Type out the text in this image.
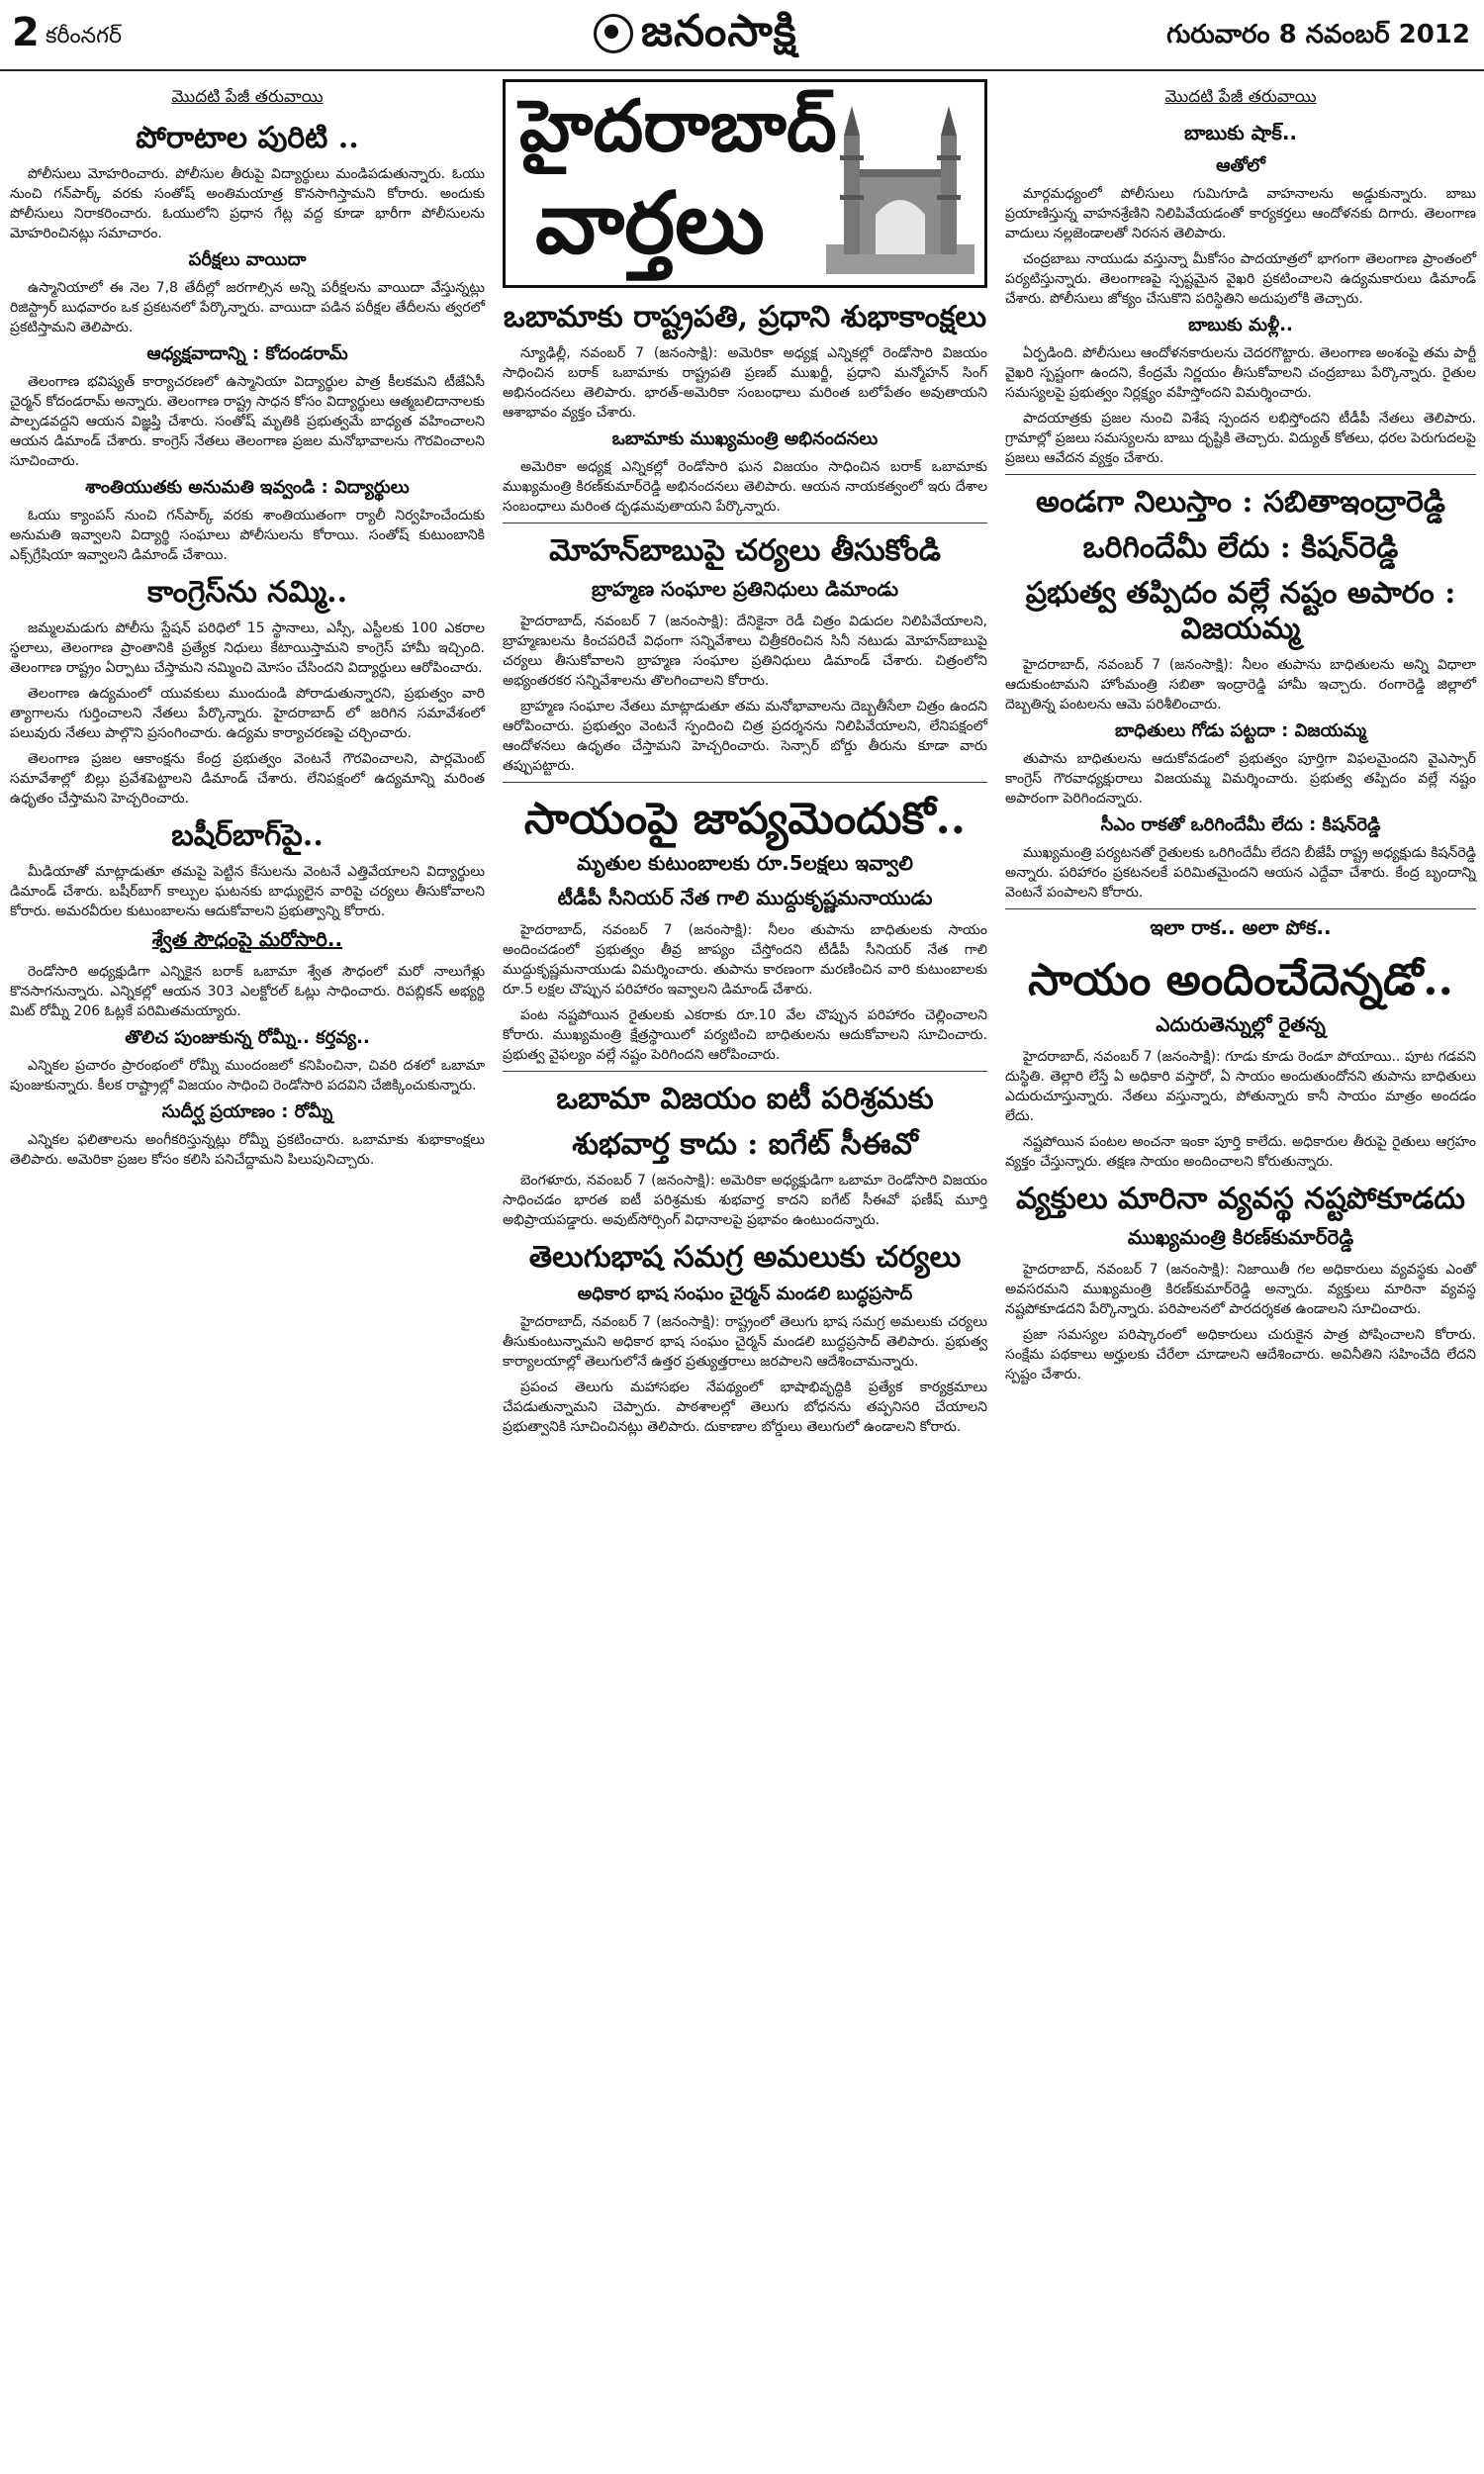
2 కరీంనగర్	జనంసాక్షి	గురువారం 8 నవంబర్ 2012
మొదటి పేజీ తరువాయి
పోరాటాల పురిటి ..

పోలీసులు మోహరించారు. పోలీసుల తీరుపై విద్యార్థులు మండిపడుతున్నారు. ఓయు నుంచి గన్‌పార్క్ వరకు సంతోష్ అంతిమయాత్ర కొనసాగిస్తామని కోరారు. అందుకు పోలీసులు నిరాకరించారు. ఓయులోని ప్రధాన గేట్ల వద్ద కూడా భారీగా పోలీసులను మోహరించినట్లు సమాచారం.

పరీక్షలు వాయిదా

ఉస్మానియాలో ఈ నెల 7,8 తేదీల్లో జరగాల్సిన అన్ని పరీక్షలను వాయిదా వేస్తున్నట్లు రిజిస్ట్రార్ బుధవారం ఒక ప్రకటనలో పేర్కొన్నారు. వాయిదా పడిన పరీక్షల తేదీలను త్వరలో ప్రకటిస్తామని తెలిపారు.

ఆధ్యక్షవాదాన్ని : కోదండరామ్

తెలంగాణ భవిష్యత్ కార్యాచరణలో ఉస్మానియా విద్యార్థుల పాత్ర కీలకమని టీజేఏసీ చైర్మన్ కోదండరామ్ అన్నారు. తెలంగాణ రాష్ట్ర సాధన కోసం విద్యార్థులు ఆత్మబలిదానాలకు పాల్పడవద్దని ఆయన విజ్ఞప్తి చేశారు. సంతోష్ మృతికి ప్రభుత్వమే బాధ్యత వహించాలని ఆయన డిమాండ్ చేశారు. కాంగ్రెస్ నేతలు తెలంగాణ ప్రజల మనోభావాలను గౌరవించాలని సూచించారు.

శాంతియుతకు అనుమతి ఇవ్వండి : విద్యార్థులు

ఓయు క్యాంపస్ నుంచి గన్‌పార్క్ వరకు శాంతియుతంగా ర్యాలీ నిర్వహించేందుకు అనుమతి ఇవ్వాలని విద్యార్థి సంఘాలు పోలీసులను కోరాయి. సంతోష్ కుటుంబానికి ఎక్స్‌గ్రేషియా ఇవ్వాలని డిమాండ్ చేశాయి.

కాంగ్రెస్‌ను నమ్మి..

జమ్మలమడుగు పోలీసు స్టేషన్ పరిధిలో 15 స్థానాలు, ఎస్సీ, ఎస్టీలకు 100 ఎకరాల స్థలాలు, తెలంగాణ ప్రాంతానికి ప్రత్యేక నిధులు కేటాయిస్తామని కాంగ్రెస్ హామీ ఇచ్చింది. తెలంగాణ రాష్ట్రం ఏర్పాటు చేస్తామని నమ్మించి మోసం చేసిందని విద్యార్థులు ఆరోపించారు.

తెలంగాణ ఉద్యమంలో యువకులు ముందుండి పోరాడుతున్నారని, ప్రభుత్వం వారి త్యాగాలను గుర్తించాలని నేతలు పేర్కొన్నారు. హైదరాబాద్ లో జరిగిన సమావేశంలో పలువురు నేతలు పాల్గొని ప్రసంగించారు. ఉద్యమ కార్యాచరణపై చర్చించారు.

తెలంగాణ ప్రజల ఆకాంక్షను కేంద్ర ప్రభుత్వం వెంటనే గౌరవించాలని, పార్లమెంట్ సమావేశాల్లో బిల్లు ప్రవేశపెట్టాలని డిమాండ్ చేశారు. లేనిపక్షంలో ఉద్యమాన్ని మరింత ఉధృతం చేస్తామని హెచ్చరించారు.

బషీర్‌బాగ్‌పై..

మీడియాతో మాట్లాడుతూ తమపై పెట్టిన కేసులను వెంటనే ఎత్తివేయాలని విద్యార్థులు డిమాండ్ చేశారు. బషీర్‌బాగ్ కాల్పుల ఘటనకు బాధ్యులైన వారిపై చర్యలు తీసుకోవాలని కోరారు. అమరవీరుల కుటుంబాలను ఆదుకోవాలని ప్రభుత్వాన్ని కోరారు.

శ్వేత సౌధంపై మరోసారి..

రెండోసారి అధ్యక్షుడిగా ఎన్నికైన బరాక్ ఒబామా శ్వేత సౌధంలో మరో నాలుగేళ్లు కొనసాగనున్నారు. ఎన్నికల్లో ఆయన 303 ఎలక్టోరల్ ఓట్లు సాధించారు. రిపబ్లికన్ అభ్యర్థి మిట్ రోమ్నీ 206 ఓట్లకే పరిమితమయ్యారు.

తొలిచ పుంజుకున్న రోమ్నీ.. కర్తవ్య..

ఎన్నికల ప్రచారం ప్రారంభంలో రోమ్నీ ముందంజలో కనిపించినా, చివరి దశలో ఒబామా పుంజుకున్నారు. కీలక రాష్ట్రాల్లో విజయం సాధించి రెండోసారి పదవిని చేజిక్కించుకున్నారు.

సుదీర్ఘ ప్రయాణం : రోమ్నీ

ఎన్నికల ఫలితాలను అంగీకరిస్తున్నట్లు రోమ్నీ ప్రకటించారు. ఒబామాకు శుభాకాంక్షలు తెలిపారు. అమెరికా ప్రజల కోసం కలిసి పనిచేద్దామని పిలుపునిచ్చారు.

హైదరాబాద్
వార్తలు
ఒబామాకు రాష్ట్రపతి, ప్రధాని శుభాకాంక్షలు

న్యూఢిల్లీ, నవంబర్ 7 (జనంసాక్షి): అమెరికా అధ్యక్ష ఎన్నికల్లో రెండోసారి విజయం సాధించిన బరాక్ ఒబామాకు రాష్ట్రపతి ప్రణబ్ ముఖర్జీ, ప్రధాని మన్మోహన్ సింగ్ అభినందనలు తెలిపారు. భారత్-అమెరికా సంబంధాలు మరింత బలోపేతం అవుతాయని ఆశాభావం వ్యక్తం చేశారు.

ఒబామాకు ముఖ్యమంత్రి అభినందనలు

అమెరికా అధ్యక్ష ఎన్నికల్లో రెండోసారి ఘన విజయం సాధించిన బరాక్ ఒబామాకు ముఖ్యమంత్రి కిరణ్‌కుమార్‌రెడ్డి అభినందనలు తెలిపారు. ఆయన నాయకత్వంలో ఇరు దేశాల సంబంధాలు మరింత దృఢమవుతాయని పేర్కొన్నారు.

మోహన్‌బాబుపై చర్యలు తీసుకోండి
బ్రాహ్మణ సంఘాల ప్రతినిధులు డిమాండు

హైదరాబాద్, నవంబర్ 7 (జనంసాక్షి): దేనికైనా రెడీ చిత్రం విడుదల నిలిపివేయాలని, బ్రాహ్మణులను కించపరిచే విధంగా సన్నివేశాలు చిత్రీకరించిన సినీ నటుడు మోహన్‌బాబుపై చర్యలు తీసుకోవాలని బ్రాహ్మణ సంఘాల ప్రతినిధులు డిమాండ్ చేశారు. చిత్రంలోని అభ్యంతరకర సన్నివేశాలను తొలగించాలని కోరారు.

బ్రాహ్మణ సంఘాల నేతలు మాట్లాడుతూ తమ మనోభావాలను దెబ్బతీసేలా చిత్రం ఉందని ఆరోపించారు. ప్రభుత్వం వెంటనే స్పందించి చిత్ర ప్రదర్శనను నిలిపివేయాలని, లేనిపక్షంలో ఆందోళనలు ఉధృతం చేస్తామని హెచ్చరించారు. సెన్సార్ బోర్డు తీరును కూడా వారు తప్పుపట్టారు.

సాయంపై జాప్యమెందుకో..
మృతుల కుటుంబాలకు రూ.5లక్షలు ఇవ్వాలి
టీడీపీ సీనియర్ నేత గాలి ముద్దుకృష్ణమనాయుడు

హైదరాబాద్, నవంబర్ 7 (జనంసాక్షి): నీలం తుపాను బాధితులకు సాయం అందించడంలో ప్రభుత్వం తీవ్ర జాప్యం చేస్తోందని టీడీపీ సీనియర్ నేత గాలి ముద్దుకృష్ణమనాయుడు విమర్శించారు. తుపాను కారణంగా మరణించిన వారి కుటుంబాలకు రూ.5 లక్షల చొప్పున పరిహారం ఇవ్వాలని డిమాండ్ చేశారు.

పంట నష్టపోయిన రైతులకు ఎకరాకు రూ.10 వేల చొప్పున పరిహారం చెల్లించాలని కోరారు. ముఖ్యమంత్రి క్షేత్రస్థాయిలో పర్యటించి బాధితులను ఆదుకోవాలని సూచించారు. ప్రభుత్వ వైఫల్యం వల్లే నష్టం పెరిగిందని ఆరోపించారు.

ఒబామా విజయం ఐటీ పరిశ్రమకు
శుభవార్త కాదు : ఐగేట్ సీఈవో

బెంగళూరు, నవంబర్ 7 (జనంసాక్షి): అమెరికా అధ్యక్షుడిగా ఒబామా రెండోసారి విజయం సాధించడం భారత ఐటీ పరిశ్రమకు శుభవార్త కాదని ఐగేట్ సీఈవో ఫణీష్ మూర్తి అభిప్రాయపడ్డారు. అవుట్‌సోర్సింగ్ విధానాలపై ప్రభావం ఉంటుందన్నారు.

తెలుగుభాష సమగ్ర అమలుకు చర్యలు
అధికార భాష సంఘం చైర్మన్ మండలి బుద్ధప్రసాద్

హైదరాబాద్, నవంబర్ 7 (జనంసాక్షి): రాష్ట్రంలో తెలుగు భాష సమగ్ర అమలుకు చర్యలు తీసుకుంటున్నామని అధికార భాష సంఘం చైర్మన్ మండలి బుద్ధప్రసాద్ తెలిపారు. ప్రభుత్వ కార్యాలయాల్లో తెలుగులోనే ఉత్తర ప్రత్యుత్తరాలు జరపాలని ఆదేశించామన్నారు.

ప్రపంచ తెలుగు మహాసభల నేపథ్యంలో భాషాభివృద్ధికి ప్రత్యేక కార్యక్రమాలు చేపడుతున్నామని చెప్పారు. పాఠశాలల్లో తెలుగు బోధనను తప్పనిసరి చేయాలని ప్రభుత్వానికి సూచించినట్లు తెలిపారు. దుకాణాల బోర్డులు తెలుగులో ఉండాలని కోరారు.

మొదటి పేజీ తరువాయి
బాబుకు షాక్..
ఆతోలో

మార్గమధ్యంలో పోలీసులు గుమిగూడి వాహనాలను అడ్డుకున్నారు. బాబు ప్రయాణిస్తున్న వాహనశ్రేణిని నిలిపివేయడంతో కార్యకర్తలు ఆందోళనకు దిగారు. తెలంగాణ వాదులు నల్లజెండాలతో నిరసన తెలిపారు.

చంద్రబాబు నాయుడు వస్తున్నా మీకోసం పాదయాత్రలో భాగంగా తెలంగాణ ప్రాంతంలో పర్యటిస్తున్నారు. తెలంగాణపై స్పష్టమైన వైఖరి ప్రకటించాలని ఉద్యమకారులు డిమాండ్ చేశారు. పోలీసులు జోక్యం చేసుకొని పరిస్థితిని అదుపులోకి తెచ్చారు.

బాబుకు మళ్లీ..

ఏర్పడింది. పోలీసులు ఆందోళనకారులను చెదరగొట్టారు. తెలంగాణ అంశంపై తమ పార్టీ వైఖరి స్పష్టంగా ఉందని, కేంద్రమే నిర్ణయం తీసుకోవాలని చంద్రబాబు పేర్కొన్నారు. రైతుల సమస్యలపై ప్రభుత్వం నిర్లక్ష్యం వహిస్తోందని విమర్శించారు.

పాదయాత్రకు ప్రజల నుంచి విశేష స్పందన లభిస్తోందని టీడీపీ నేతలు తెలిపారు. గ్రామాల్లో ప్రజలు సమస్యలను బాబు దృష్టికి తెచ్చారు. విద్యుత్ కోతలు, ధరల పెరుగుదలపై ప్రజలు ఆవేదన వ్యక్తం చేశారు.

అండగా నిలుస్తాం : సబితాఇంద్రారెడ్డి
ఒరిగిందేమీ లేదు : కిషన్‌రెడ్డి
ప్రభుత్వ తప్పిదం వల్లే నష్టం అపారం : విజయమ్మ

హైదరాబాద్, నవంబర్ 7 (జనంసాక్షి): నీలం తుపాను బాధితులను అన్ని విధాలా ఆదుకుంటామని హోంమంత్రి సబితా ఇంద్రారెడ్డి హామీ ఇచ్చారు. రంగారెడ్డి జిల్లాలో దెబ్బతిన్న పంటలను ఆమె పరిశీలించారు.

బాధితులు గోడు పట్టదా : విజయమ్మ

తుపాను బాధితులను ఆదుకోవడంలో ప్రభుత్వం పూర్తిగా విఫలమైందని వైఎస్సార్ కాంగ్రెస్ గౌరవాధ్యక్షురాలు విజయమ్మ విమర్శించారు. ప్రభుత్వ తప్పిదం వల్లే నష్టం అపారంగా పెరిగిందన్నారు.

సీఎం రాకతో ఒరిగిందేమీ లేదు : కిషన్‌రెడ్డి

ముఖ్యమంత్రి పర్యటనతో రైతులకు ఒరిగిందేమీ లేదని బీజేపీ రాష్ట్ర అధ్యక్షుడు కిషన్‌రెడ్డి అన్నారు. పరిహారం ప్రకటనలకే పరిమితమైందని ఆయన ఎద్దేవా చేశారు. కేంద్ర బృందాన్ని వెంటనే పంపాలని కోరారు.

ఇలా రాక.. అలా పోక..
సాయం అందించేదెన్నడో..
ఎదురుతెన్నుల్లో రైతన్న

హైదరాబాద్, నవంబర్ 7 (జనంసాక్షి): గూడు కూడు రెండూ పోయాయి.. పూట గడవని దుస్థితి. తెల్లారి లేస్తే ఏ అధికారి వస్తారో, ఏ సాయం అందుతుందోనని తుపాను బాధితులు ఎదురుచూస్తున్నారు. నేతలు వస్తున్నారు, పోతున్నారు కానీ సాయం మాత్రం అందడం లేదు.

నష్టపోయిన పంటల అంచనా ఇంకా పూర్తి కాలేదు. అధికారుల తీరుపై రైతులు ఆగ్రహం వ్యక్తం చేస్తున్నారు. తక్షణ సాయం అందించాలని కోరుతున్నారు.

వ్యక్తులు మారినా వ్యవస్థ నష్టపోకూడదు
ముఖ్యమంత్రి కిరణ్‌కుమార్‌రెడ్డి

హైదరాబాద్, నవంబర్ 7 (జనంసాక్షి): నిజాయితీ గల అధికారులు వ్యవస్థకు ఎంతో అవసరమని ముఖ్యమంత్రి కిరణ్‌కుమార్‌రెడ్డి అన్నారు. వ్యక్తులు మారినా వ్యవస్థ నష్టపోకూడదని పేర్కొన్నారు. పరిపాలనలో పారదర్శకత ఉండాలని సూచించారు.

ప్రజా సమస్యల పరిష్కారంలో అధికారులు చురుకైన పాత్ర పోషించాలని కోరారు. సంక్షేమ పథకాలు అర్హులకు చేరేలా చూడాలని ఆదేశించారు. అవినీతిని సహించేది లేదని స్పష్టం చేశారు.
